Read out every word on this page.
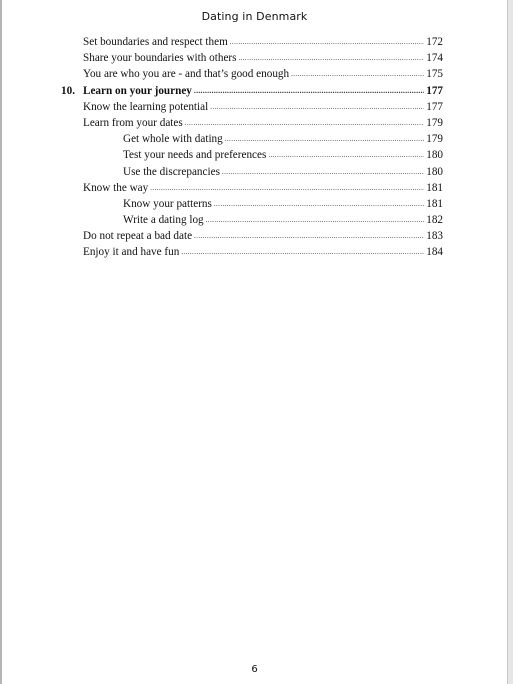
Dating in Denmark
Set boundaries and respect them .....	172
Share your boundaries with others .....	174
You are who you are - and that’s good enough .....	175
10. Learn on your journey .....	177
Know the learning potential .....	177
Learn from your dates .....	179
Get whole with dating .....	179
Test your needs and preferences .....	180
Use the discrepancies .....	180
Know the way .....	181
Know your patterns .....	181
Write a dating log .....	182
Do not repeat a bad date .....	183
Enjoy it and have fun .....	184
6
